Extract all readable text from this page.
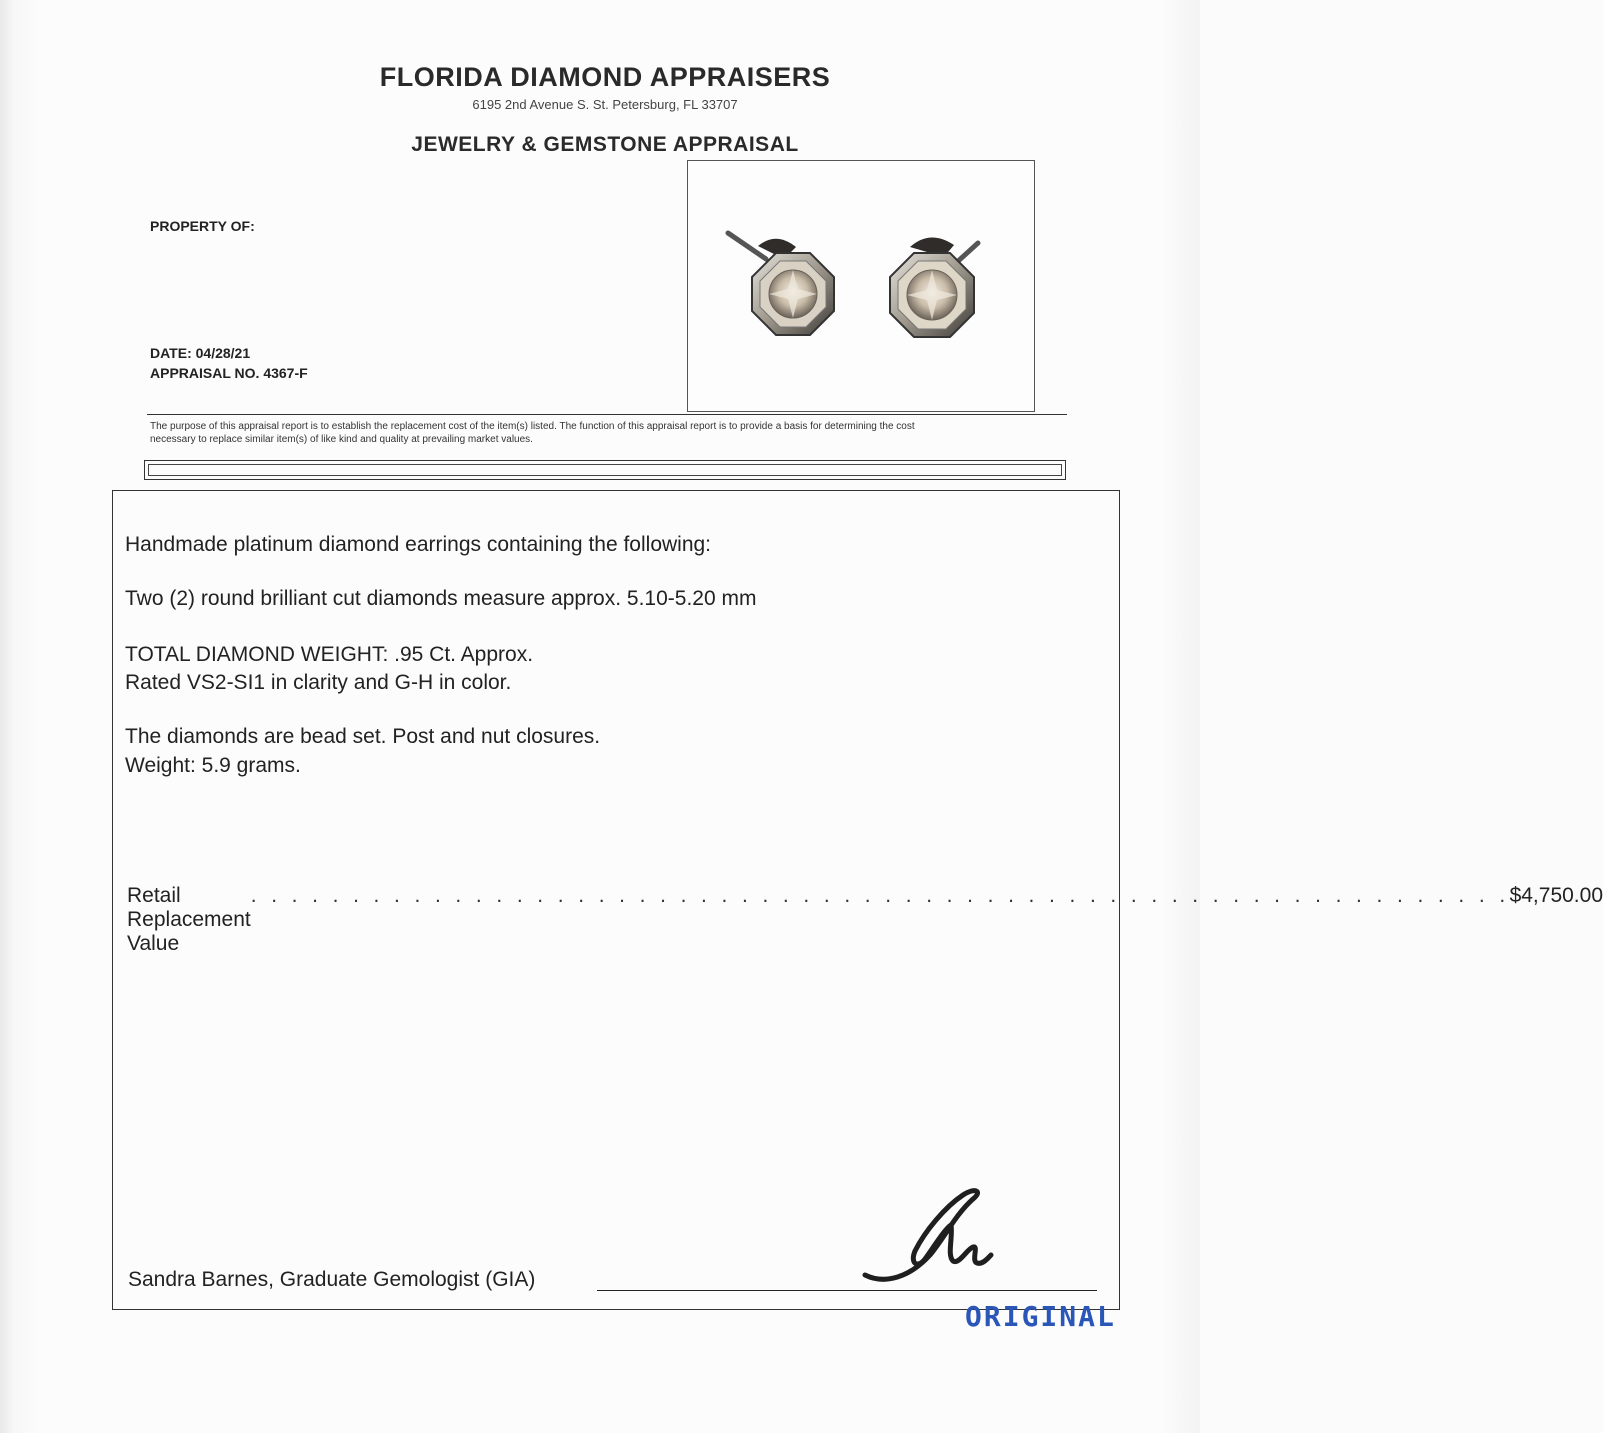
FLORIDA DIAMOND APPRAISERS
6195 2nd Avenue S. St. Petersburg, FL 33707
JEWELRY & GEMSTONE APPRAISAL
PROPERTY OF:
DATE: 04/28/21
APPRAISAL NO. 4367-F
The purpose of this appraisal report is to establish the replacement cost of the item(s) listed. The function of this appraisal report is to provide a basis for determining the cost
necessary to replace similar item(s) of like kind and quality at prevailing market values.
Handmade platinum diamond earrings containing the following:
Two (2) round brilliant cut diamonds measure approx. 5.10-5.20 mm
TOTAL DIAMOND WEIGHT: .95 Ct. Approx.
Rated VS2-SI1 in clarity and G-H in color.
The diamonds are bead set. Post and nut closures.
Weight: 5.9 grams.
Retail Replacement Value
. . . . . . . . . . . . . . . . . . . . . . . . . . . . . . . . . . . . . . . . . . . . . . . . . . . . . . . . . . . . . . $4,750.00
Sandra Barnes, Graduate Gemologist (GIA)
ORIGINAL
